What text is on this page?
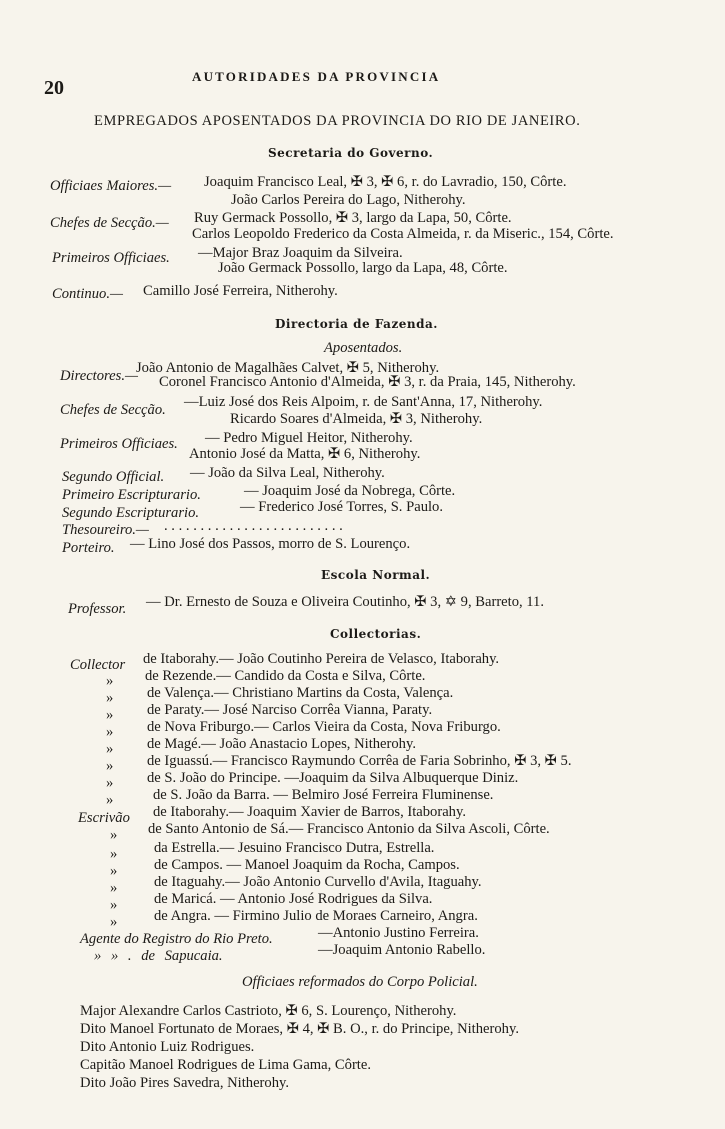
20
AUTORIDADES DA PROVINCIA
EMPREGADOS APOSENTADOS DA PROVINCIA DO RIO DE JANEIRO.
Secretaria do Governo.
Officiaes Maiores.— Joaquim Francisco Leal, ✠ 3, ✠ 6, r. do Lavradio, 150, Côrte.
João Carlos Pereira do Lago, Nitherohy.
Chefes de Secção.— Ruy Germack Possollo, ✠ 3, largo da Lapa, 50, Côrte.
Carlos Leopoldo Frederico da Costa Almeida, r. da Miseric., 154, Côrte.
Primeiros Officiaes. —Major Braz Joaquim da Silveira.
João Germack Possollo, largo da Lapa, 48, Côrte.
Continuo.— Camillo José Ferreira, Nitherohy.
Directoria de Fazenda.
Aposentados.
Directores.—
João Antonio de Magalhães Calvet, ✠ 5, Nitherohy.
Coronel Francisco Antonio d'Almeida, ✠ 3, r. da Praia, 145, Nitherohy.
Chefes de Secção. —Luiz José dos Reis Alpoim, r. de Sant'Anna, 17, Nitherohy.
Ricardo Soares d'Almeida, ✠ 3, Nitherohy.
Primeiros Officiaes. — Pedro Miguel Heitor, Nitherohy.
Antonio José da Matta, ✠ 6, Nitherohy.
Segundo Official. — João da Silva Leal, Nitherohy.
Primeiro Escripturario.	— Joaquim José da Nobrega, Côrte.
Segundo Escripturario.	— Frederico José Torres, S. Paulo.
Thesoureiro.— . . . . . . . . . . . . . . . . . . . . . . . . .
Porteiro. — Lino José dos Passos, morro de S. Lourenço.
Escola Normal.
Professor. — Dr. Ernesto de Souza e Oliveira Coutinho, ✠ 3, ✡ 9, Barreto, 11.
Collectorias.
Collector de Itaborahy.— João Coutinho Pereira de Velasco, Itaborahy.
» de Rezende.— Candido da Costa e Silva, Côrte.
» de Valença.— Christiano Martins da Costa, Valença.
» de Paraty.— José Narciso Corrêa Vianna, Paraty.
» de Nova Friburgo.— Carlos Vieira da Costa, Nova Friburgo.
» de Magé.— João Anastacio Lopes, Nitherohy.
» de Iguassú.— Francisco Raymundo Corrêa de Faria Sobrinho, ✠ 3, ✠ 5.
» de S. João do Principe. —Joaquim da Silva Albuquerque Diniz.
»	de S. João da Barra. — Belmiro José Ferreira Fluminense.
Escrivão de Itaborahy.— Joaquim Xavier de Barros, Itaborahy.
» de Santo Antonio de Sá.— Francisco Antonio da Silva Ascoli, Côrte.
»	da Estrella.— Jesuino Francisco Dutra, Estrella.
»	de Campos. — Manoel Joaquim da Rocha, Campos.
»	de Itaguahy.— João Antonio Curvello d'Avila, Itaguahy.
»	de Maricá. — Antonio José Rodrigues da Silva.
»	de Angra. — Firmino Julio de Moraes Carneiro, Angra.
Agente do Registro do Rio Preto.	—Antonio Justino Ferreira.
» » . de Sapucaia.	—Joaquim Antonio Rabello.
Officiaes reformados do Corpo Policial.
Major Alexandre Carlos Castrioto, ✠ 6, S. Lourenço, Nitherohy.
Dito Manoel Fortunato de Moraes, ✠ 4, ✠ B. O., r. do Principe, Nitherohy.
Dito Antonio Luiz Rodrigues.
Capitão Manoel Rodrigues de Lima Gama, Côrte.
Dito João Pires Savedra, Nitherohy.
